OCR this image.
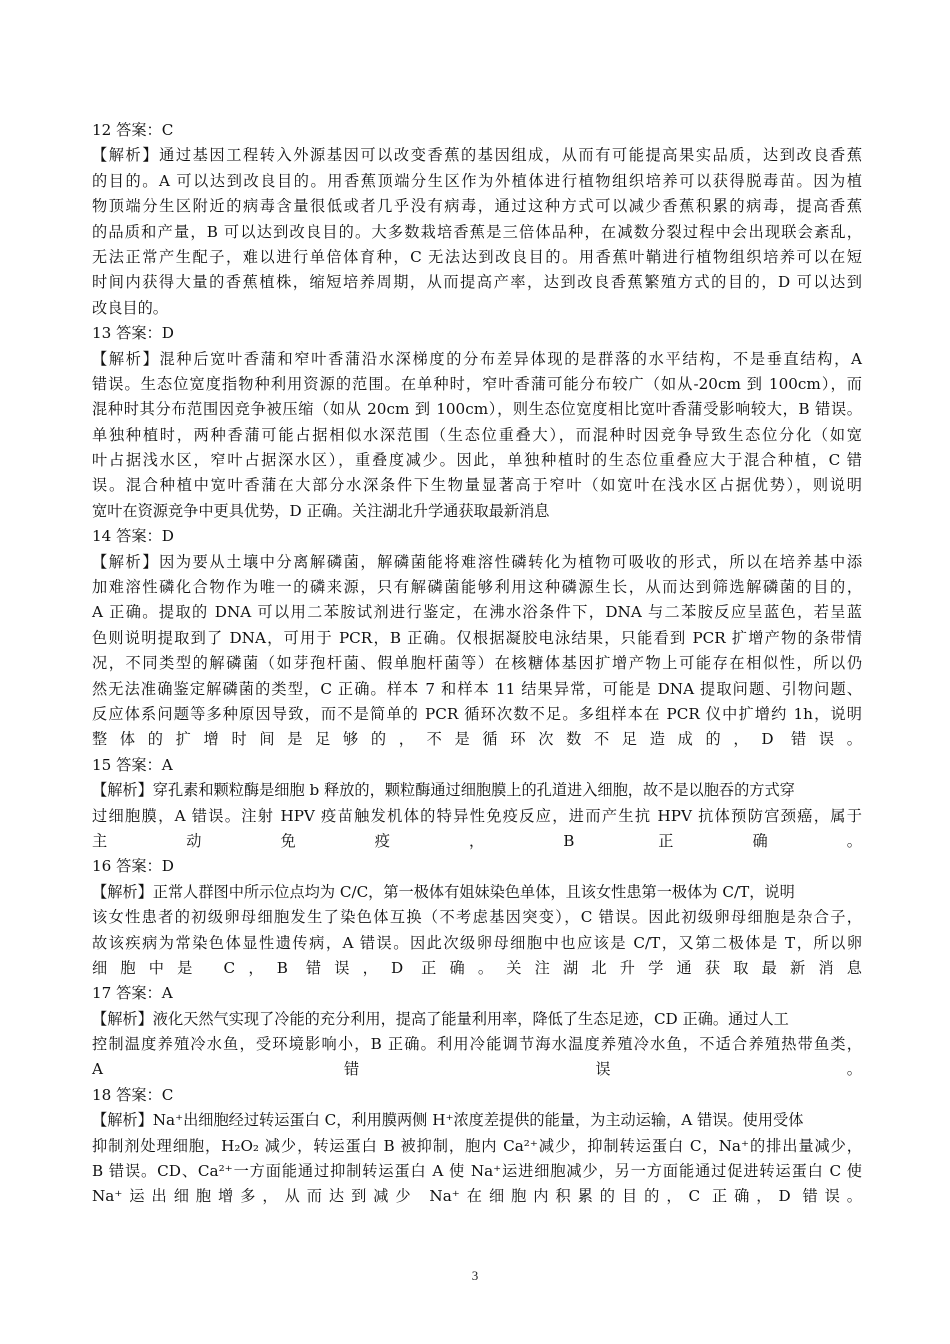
12 答案：C
【解析】通过基因工程转入外源基因可以改变香蕉的基因组成，从而有可能提高果实品质，达到改良香蕉
的目的。A 可以达到改良目的。用香蕉顶端分生区作为外植体进行植物组织培养可以获得脱毒苗。因为植
物顶端分生区附近的病毒含量很低或者几乎没有病毒，通过这种方式可以减少香蕉积累的病毒，提高香蕉
的品质和产量，B 可以达到改良目的。大多数栽培香蕉是三倍体品种，在减数分裂过程中会出现联会紊乱，
无法正常产生配子，难以进行单倍体育种，C 无法达到改良目的。用香蕉叶鞘进行植物组织培养可以在短
时间内获得大量的香蕉植株，缩短培养周期，从而提高产率，达到改良香蕉繁殖方式的目的，D 可以达到
改良目的。
13 答案：D
【解析】混种后宽叶香蒲和窄叶香蒲沿水深梯度的分布差异体现的是群落的水平结构，不是垂直结构，A
错误。生态位宽度指物种利用资源的范围。在单种时，窄叶香蒲可能分布较广（如从-20cm 到 100cm），而
混种时其分布范围因竞争被压缩（如从 20cm 到 100cm），则生态位宽度相比宽叶香蒲受影响较大，B 错误。
单独种植时，两种香蒲可能占据相似水深范围（生态位重叠大），而混种时因竞争导致生态位分化（如宽
叶占据浅水区，窄叶占据深水区），重叠度减少。因此，单独种植时的生态位重叠应大于混合种植，C 错
误。混合种植中宽叶香蒲在大部分水深条件下生物量显著高于窄叶（如宽叶在浅水区占据优势），则说明
宽叶在资源竞争中更具优势，D 正确。关注湖北升学通获取最新消息
14 答案：D
【解析】因为要从土壤中分离解磷菌，解磷菌能将难溶性磷转化为植物可吸收的形式，所以在培养基中添
加难溶性磷化合物作为唯一的磷来源，只有解磷菌能够利用这种磷源生长，从而达到筛选解磷菌的目的，
A 正确。提取的 DNA 可以用二苯胺试剂进行鉴定，在沸水浴条件下，DNA 与二苯胺反应呈蓝色，若呈蓝
色则说明提取到了 DNA，可用于 PCR，B 正确。仅根据凝胶电泳结果，只能看到 PCR 扩增产物的条带情
况，不同类型的解磷菌（如芽孢杆菌、假单胞杆菌等）在核糖体基因扩增产物上可能存在相似性，所以仍
然无法准确鉴定解磷菌的类型，C 正确。样本 7 和样本 11 结果异常，可能是 DNA 提取问题、引物问题、
反应体系问题等多种原因导致，而不是简单的 PCR 循环次数不足。多组样本在 PCR 仪中扩增约 1h，说明
整体的扩增时间是足够的，不是循环次数不足造成的，D 错误。
15 答案：A
【解析】穿孔素和颗粒酶是细胞 b 释放的，颗粒酶通过细胞膜上的孔道进入细胞，故不是以胞吞的方式穿
过细胞膜，A 错误。注射 HPV 疫苗触发机体的特异性免疫反应，进而产生抗 HPV 抗体预防宫颈癌，属于
主动免疫，B 正确。
16 答案：D
【解析】正常人群图中所示位点均为 C/C，第一极体有姐妹染色单体，且该女性患第一极体为 C/T，说明
该女性患者的初级卵母细胞发生了染色体互换（不考虑基因突变），C 错误。因此初级卵母细胞是杂合子，
故该疾病为常染色体显性遗传病，A 错误。因此次级卵母细胞中也应该是 C/T，又第二极体是 T，所以卵
细胞中是 C，B 错误，D 正确。关注湖北升学通获取最新消息
17 答案：A
【解析】液化天然气实现了冷能的充分利用，提高了能量利用率，降低了生态足迹，CD 正确。通过人工
控制温度养殖冷水鱼，受环境影响小，B 正确。利用冷能调节海水温度养殖冷水鱼，不适合养殖热带鱼类，
A 错误。
18 答案：C
【解析】Na⁺出细胞经过转运蛋白 C，利用膜两侧 H⁺浓度差提供的能量，为主动运输，A 错误。使用受体
抑制剂处理细胞，H₂O₂ 减少，转运蛋白 B 被抑制，胞内 Ca²⁺减少，抑制转运蛋白 C，Na⁺的排出量减少，
B 错误。CD、Ca²⁺一方面能通过抑制转运蛋白 A 使 Na⁺运进细胞减少，另一方面能通过促进转运蛋白 C 使
Na⁺运出细胞增多，从而达到减少 Na⁺在细胞内积累的目的，C 正确，D 错误。
3
